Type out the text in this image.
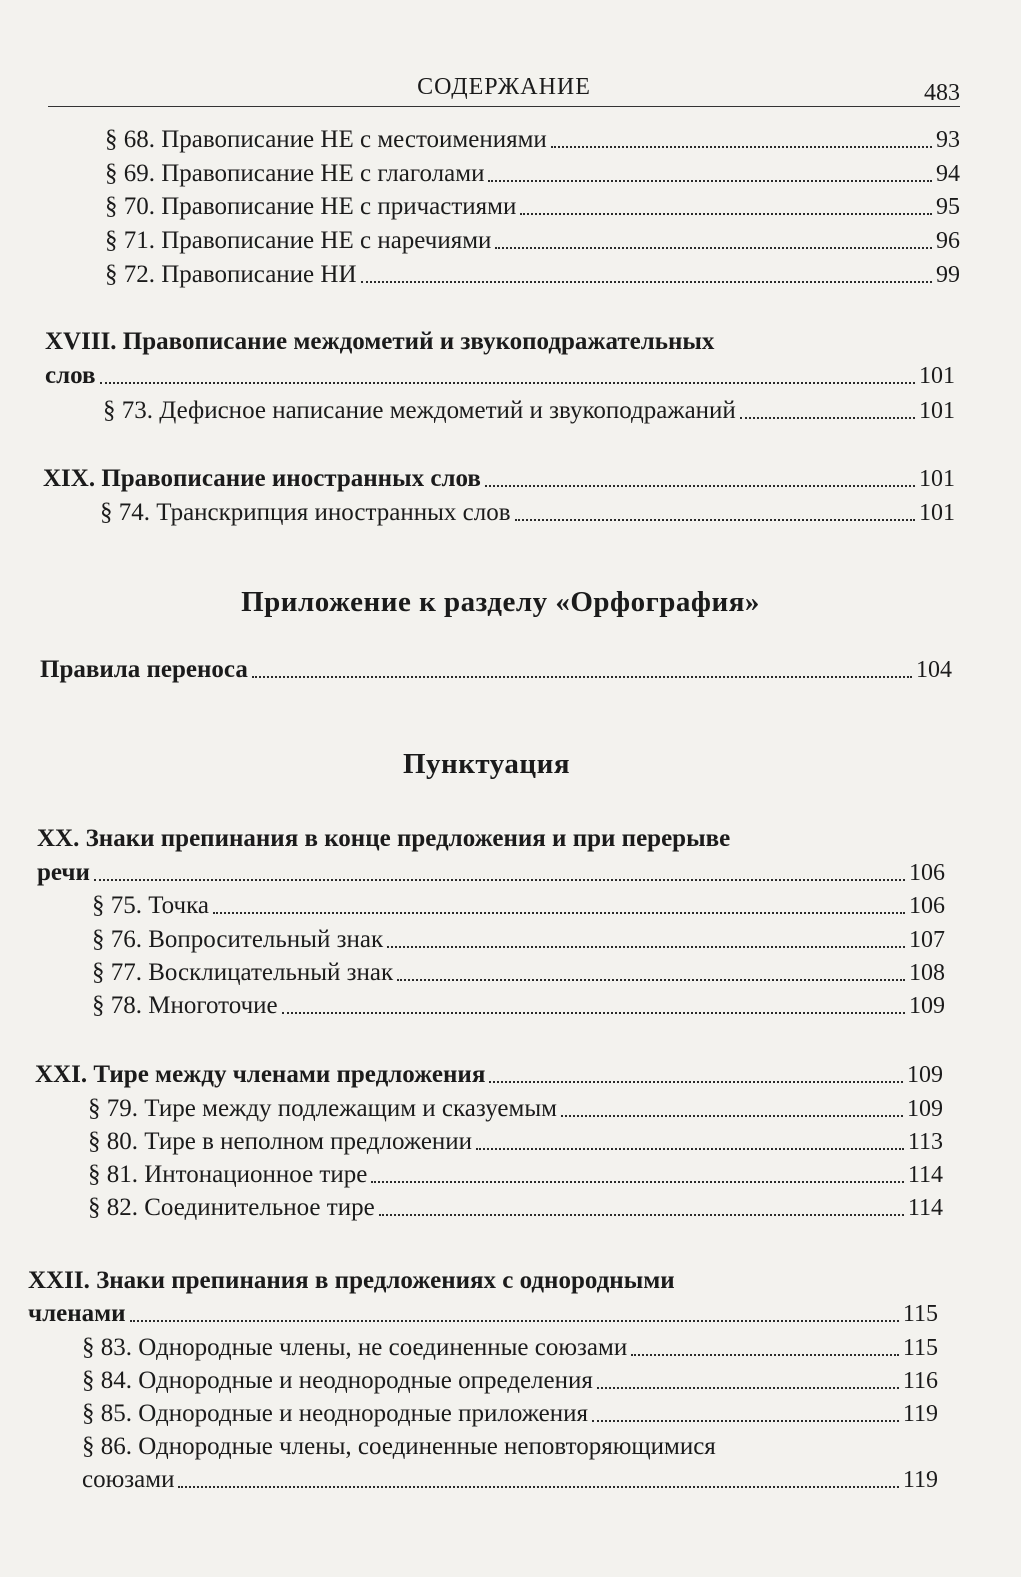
СОДЕРЖАНИЕ	483
§ 68. Правописание НЕ с местоимениями	93
§ 69. Правописание НЕ с глаголами	94
§ 70. Правописание НЕ с причастиями	95
§ 71. Правописание НЕ с наречиями	96
§ 72. Правописание НИ	99
XVIII. Правописание междометий и звукоподражательных
слов	101
§ 73. Дефисное написание междометий и звукоподражаний	101
XIX. Правописание иностранных слов	101
§ 74. Транскрипция иностранных слов	101
Приложение к разделу «Орфография»
Правила переноса	104
Пунктуация
XX. Знаки препинания в конце предложения и при перерыве
речи	106
§ 75. Точка	106
§ 76. Вопросительный знак	107
§ 77. Восклицательный знак	108
§ 78. Многоточие	109
XXI. Тире между членами предложения	109
§ 79. Тире между подлежащим и сказуемым	109
§ 80. Тире в неполном предложении	113
§ 81. Интонационное тире	114
§ 82. Соединительное тире	114
XXII. Знаки препинания в предложениях с однородными
членами	115
§ 83. Однородные члены, не соединенные союзами	115
§ 84. Однородные и неоднородные определения	116
§ 85. Однородные и неоднородные приложения	119
§ 86. Однородные члены, соединенные неповторяющимися
союзами	119
